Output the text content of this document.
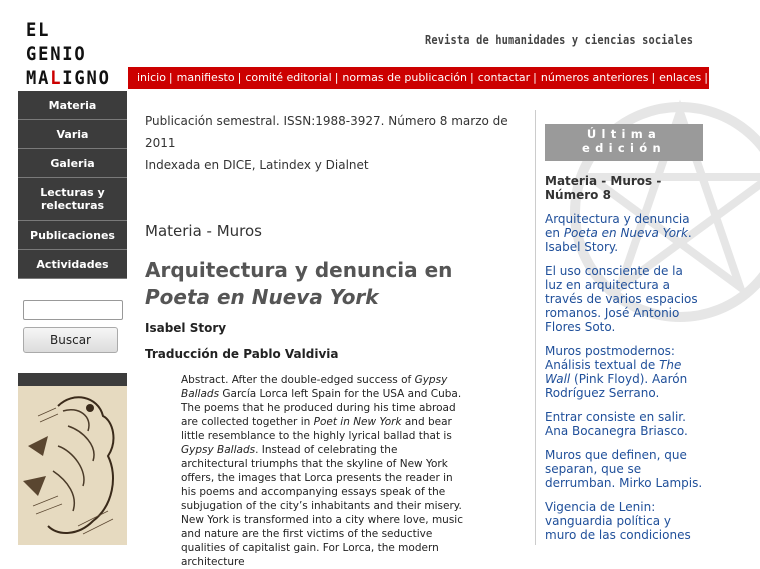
EL GENIO
MALIGNO
Revista de humanidades y ciencias sociales
inicio | manifiesto | comité editorial | normas de publicación | contactar | números anteriores | enlaces |
Materia
Varia
Galeria
Lecturas y relecturas
Publicaciones
Actividades
Buscar
Publicación semestral. ISSN:1988-3927. Número 8 marzo de 2011
Indexada en DICE, Latindex y Dialnet
Materia - Muros
Arquitectura y denuncia en
Poeta en Nueva York
Isabel Story
Traducción de Pablo Valdivia
Abstract. After the double-edged success of Gypsy Ballads García Lorca left Spain for the USA and Cuba. The poems that he produced during his time abroad are collected together in Poet in New York and bear little resemblance to the highly lyrical ballad that is Gypsy Ballads. Instead of celebrating the architectural triumphs that the skyline of New York offers, the images that Lorca presents the reader in his poems and accompanying essays speak of the subjugation of the city’s inhabitants and their misery. New York is transformed into a city where love, music and nature are the first victims of the seductive qualities of capitalist gain. For Lorca, the modern architecture
Última edición
Materia - Muros - Número 8
Arquitectura y denuncia en Poeta en Nueva York. Isabel Story.
El uso consciente de la luz en arquitectura a través de varios espacios romanos. José Antonio Flores Soto.
Muros postmodernos: Análisis textual de The Wall (Pink Floyd). Aarón Rodríguez Serrano.
Entrar consiste en salir. Ana Bocanegra Briasco.
Muros que definen, que separan, que se derrumban. Mirko Lampis.
Vigencia de Lenin: vanguardia política y muro de las condiciones
